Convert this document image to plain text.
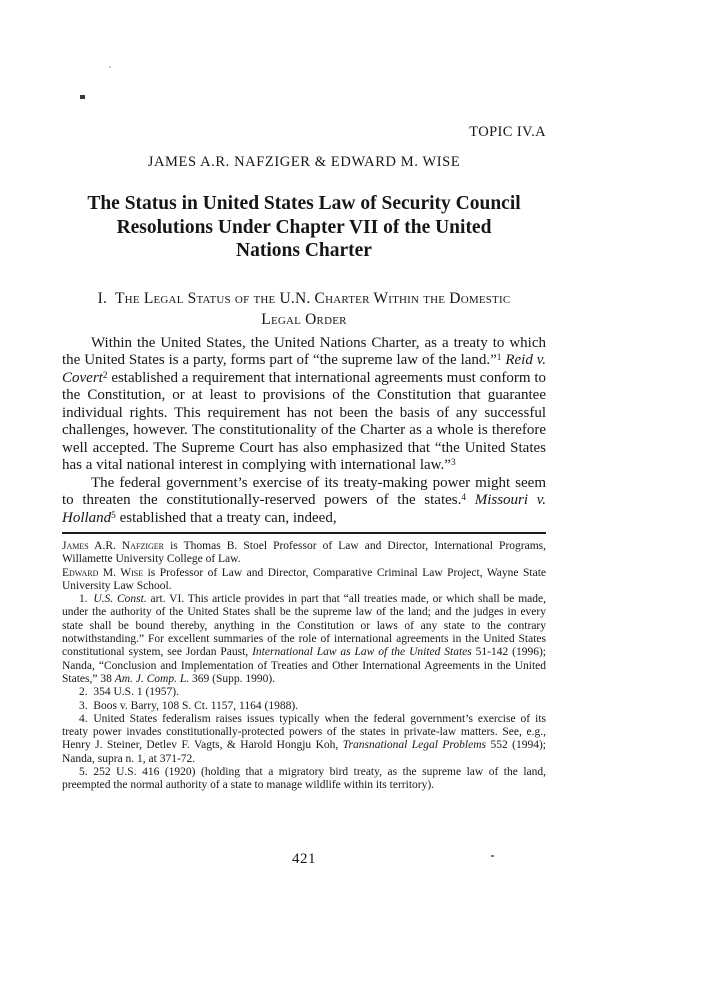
TOPIC IV.A
JAMES A.R. NAFZIGER & EDWARD M. WISE
The Status in United States Law of Security Council
Resolutions Under Chapter VII of the United
Nations Charter
I. The Legal Status of the U.N. Charter Within the Domestic
Legal Order

Within the United States, the United Nations Charter, as a treaty to which the United States is a party, forms part of “the supreme law of the land.”$^1$ Reid v. Covert$^2$ established a requirement that international agreements must conform to the Constitution, or at least to provisions of the Constitution that guarantee individual rights. This requirement has not been the basis of any successful challenges, however. The constitutionality of the Charter as a whole is therefore well accepted. The Supreme Court has also emphasized that “the United States has a vital national interest in complying with international law.”$^3$

The federal government’s exercise of its treaty-making power might seem to threaten the constitutionally-reserved powers of the states.$^4$ Missouri v. Holland$^5$ established that a treaty can, indeed,

James A.R. Nafziger is Thomas B. Stoel Professor of Law and Director, International Programs, Willamette University College of Law.

Edward M. Wise is Professor of Law and Director, Comparative Criminal Law Project, Wayne State University Law School.

1. U.S. Const. art. VI. This article provides in part that “all treaties made, or which shall be made, under the authority of the United States shall be the supreme law of the land; and the judges in every state shall be bound thereby, anything in the Constitution or laws of any state to the contrary notwithstanding.” For excellent summaries of the role of international agreements in the United States constitutional system, see Jordan Paust, International Law as Law of the United States 51-142 (1996); Nanda, “Conclusion and Implementation of Treaties and Other International Agreements in the United States,” 38 Am. J. Comp. L. 369 (Supp. 1990).

2. 354 U.S. 1 (1957).

3. Boos v. Barry, 108 S. Ct. 1157, 1164 (1988).

4. United States federalism raises issues typically when the federal government’s exercise of its treaty power invades constitutionally-protected powers of the states in private-law matters. See, e.g., Henry J. Steiner, Detlev F. Vagts, & Harold Hongju Koh, Transnational Legal Problems 552 (1994); Nanda, supra n. 1, at 371-72.

5. 252 U.S. 416 (1920) (holding that a migratory bird treaty, as the supreme law of the land, preempted the normal authority of a state to manage wildlife within its territory).

421
